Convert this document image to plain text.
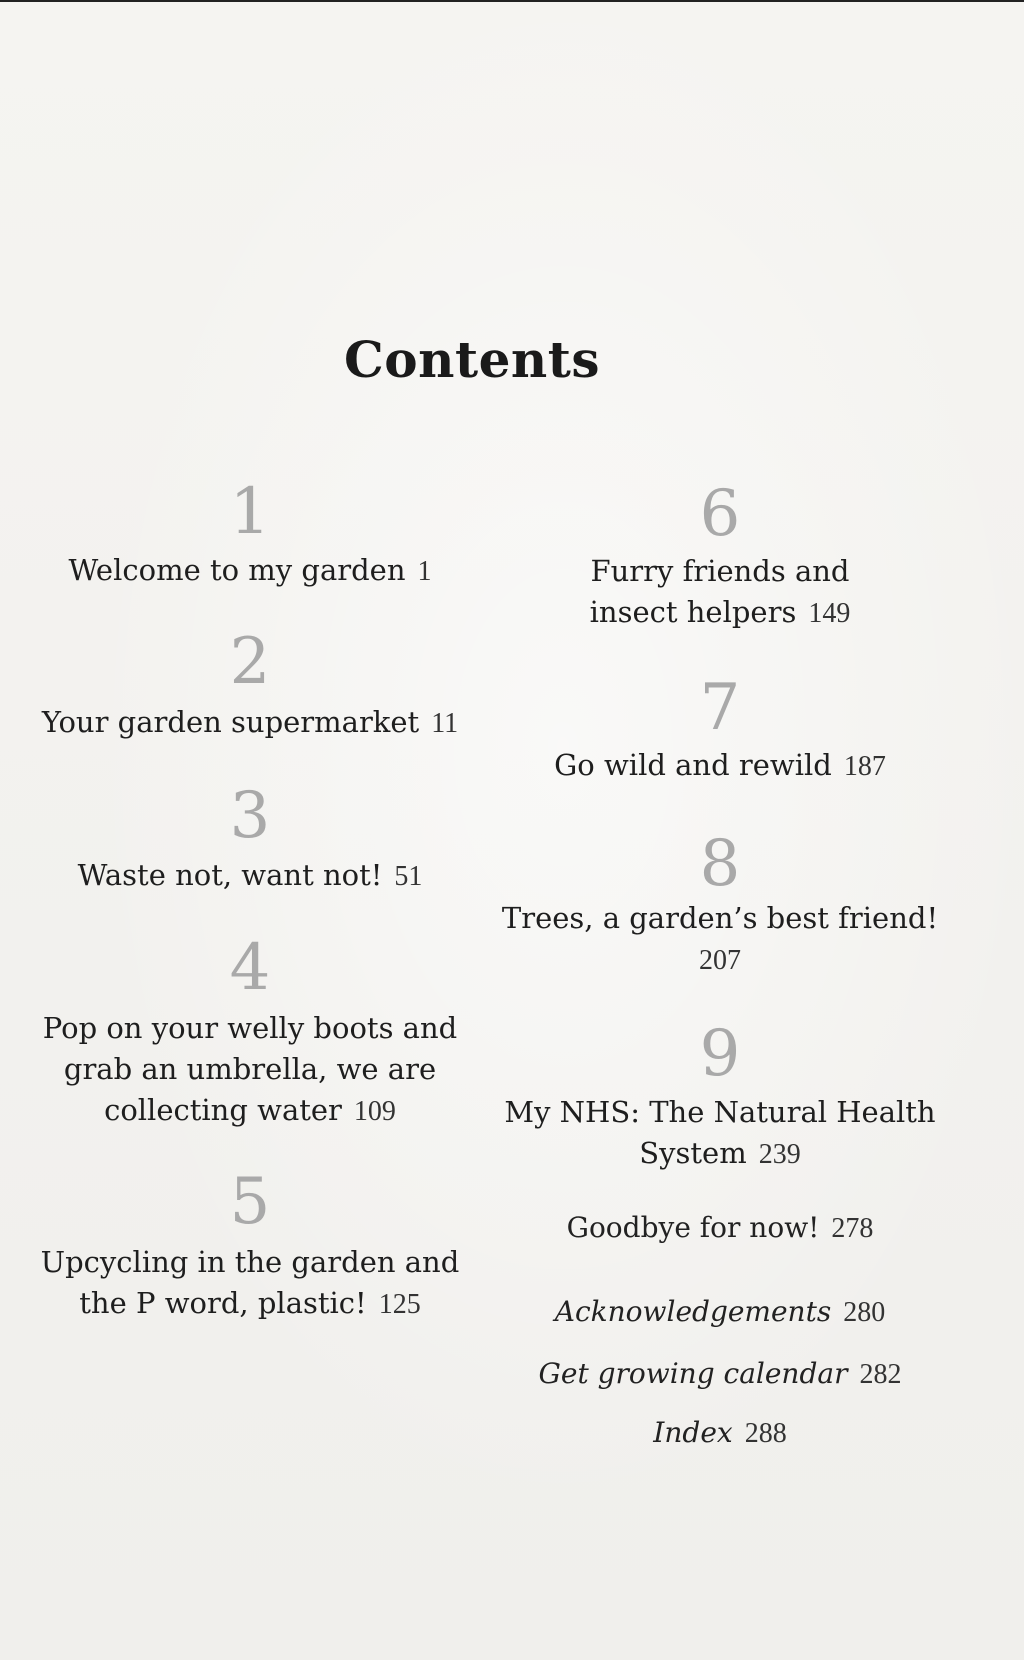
Contents
1
Welcome to my garden 1
2
Your garden supermarket 11
3
Waste not, want not! 51
4
Pop on your welly boots and
grab an umbrella, we are
collecting water 109
5
Upcycling in the garden and
the P word, plastic! 125
6
Furry friends and
insect helpers 149
7
Go wild and rewild 187
8
Trees, a garden’s best friend!
207
9
My NHS: The Natural Health
System 239
Goodbye for now! 278
Acknowledgements 280
Get growing calendar 282
Index 288
